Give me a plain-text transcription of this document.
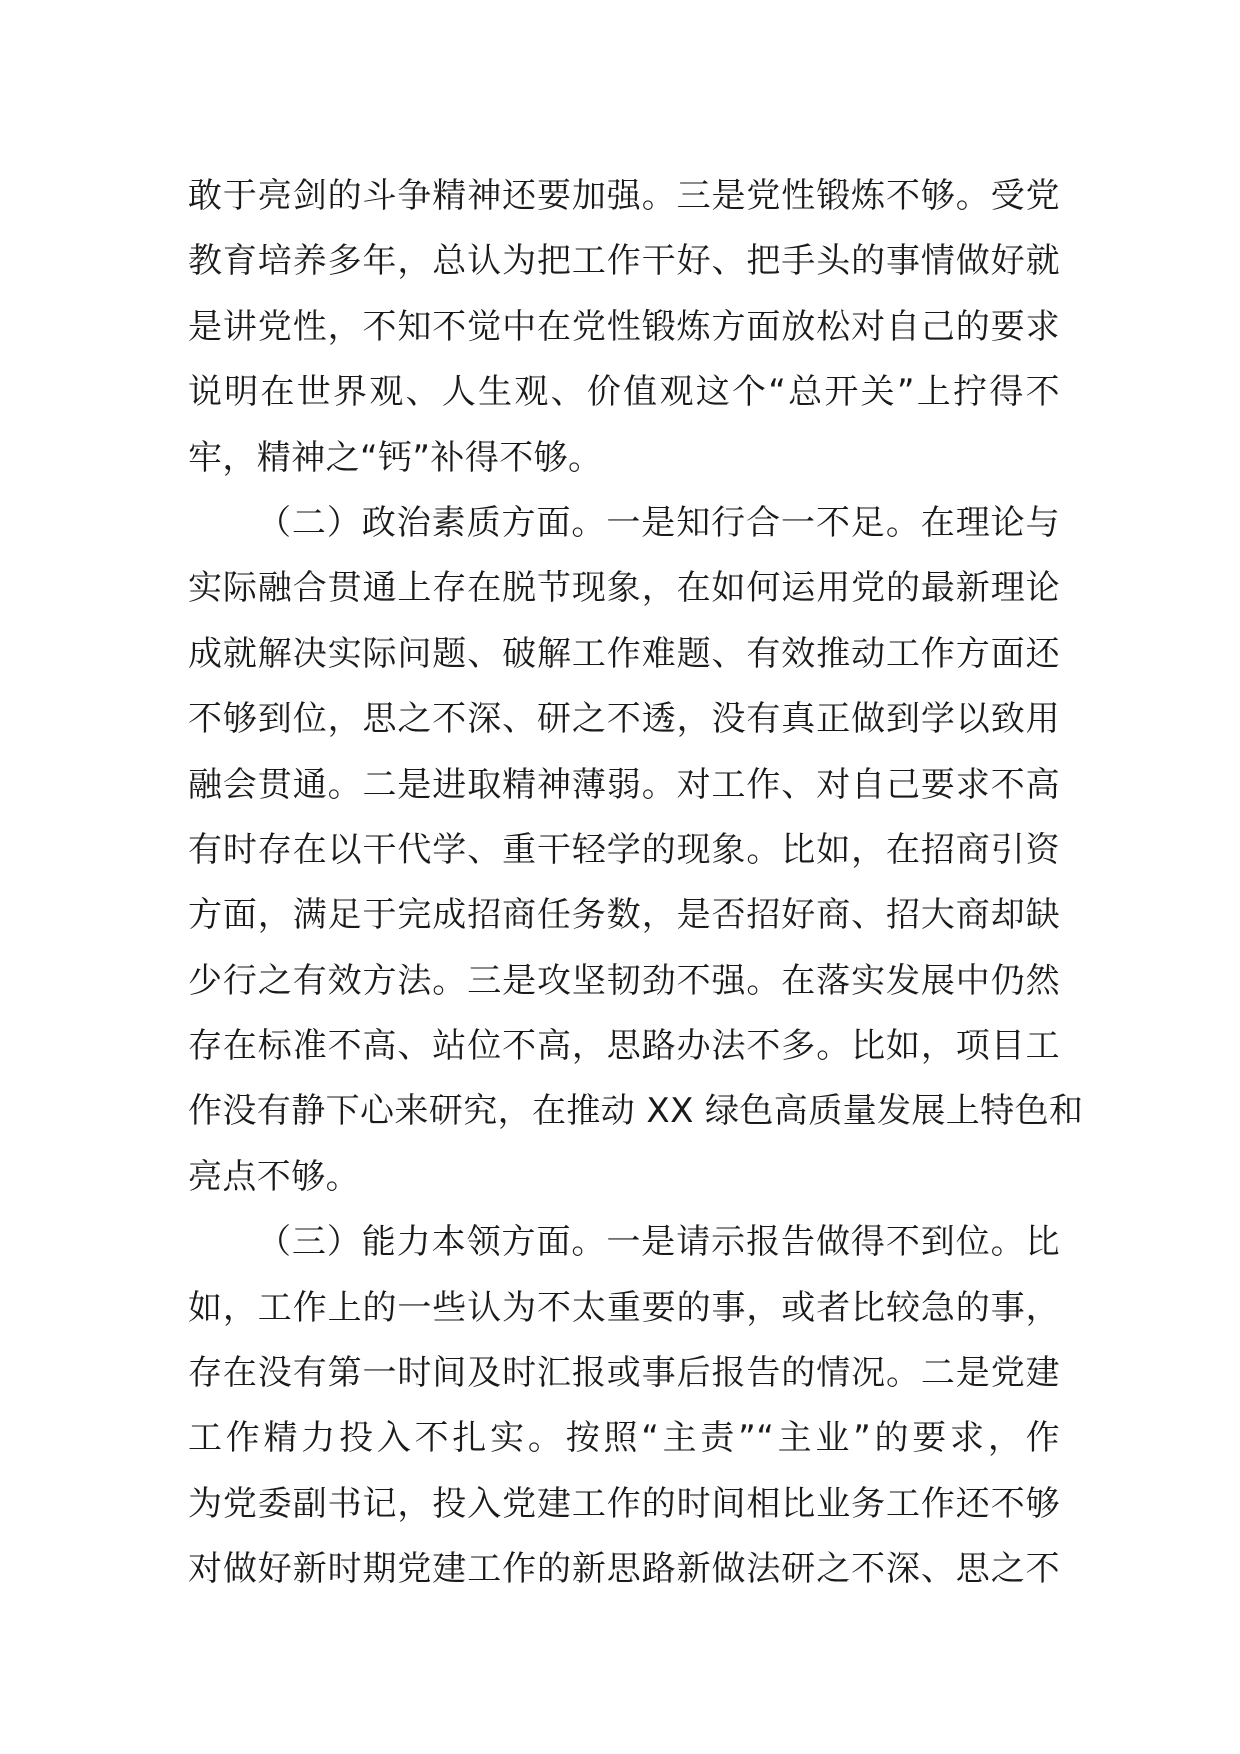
敢于亮剑的斗争精神还要加强。三是党性锻炼不够。受党
教育培养多年，总认为把工作干好、把手头的事情做好就
是讲党性，不知不觉中在党性锻炼方面放松对自己的要求
说明在世界观、人生观、价值观这个“总开关”上拧得不
牢，精神之“钙”补得不够。
（二）政治素质方面。一是知行合一不足。在理论与
实际融合贯通上存在脱节现象，在如何运用党的最新理论
成就解决实际问题、破解工作难题、有效推动工作方面还
不够到位，思之不深、研之不透，没有真正做到学以致用
融会贯通。二是进取精神薄弱。对工作、对自己要求不高
有时存在以干代学、重干轻学的现象。比如，在招商引资
方面，满足于完成招商任务数，是否招好商、招大商却缺
少行之有效方法。三是攻坚韧劲不强。在落实发展中仍然
存在标准不高、站位不高，思路办法不多。比如，项目工
作没有静下心来研究，在推动 XX 绿色高质量发展上特色和
亮点不够。
（三）能力本领方面。一是请示报告做得不到位。比
如，工作上的一些认为不太重要的事，或者比较急的事，
存在没有第一时间及时汇报或事后报告的情况。二是党建
工作精力投入不扎实。按照“主责”“主业”的要求，作
为党委副书记，投入党建工作的时间相比业务工作还不够
对做好新时期党建工作的新思路新做法研之不深、思之不
